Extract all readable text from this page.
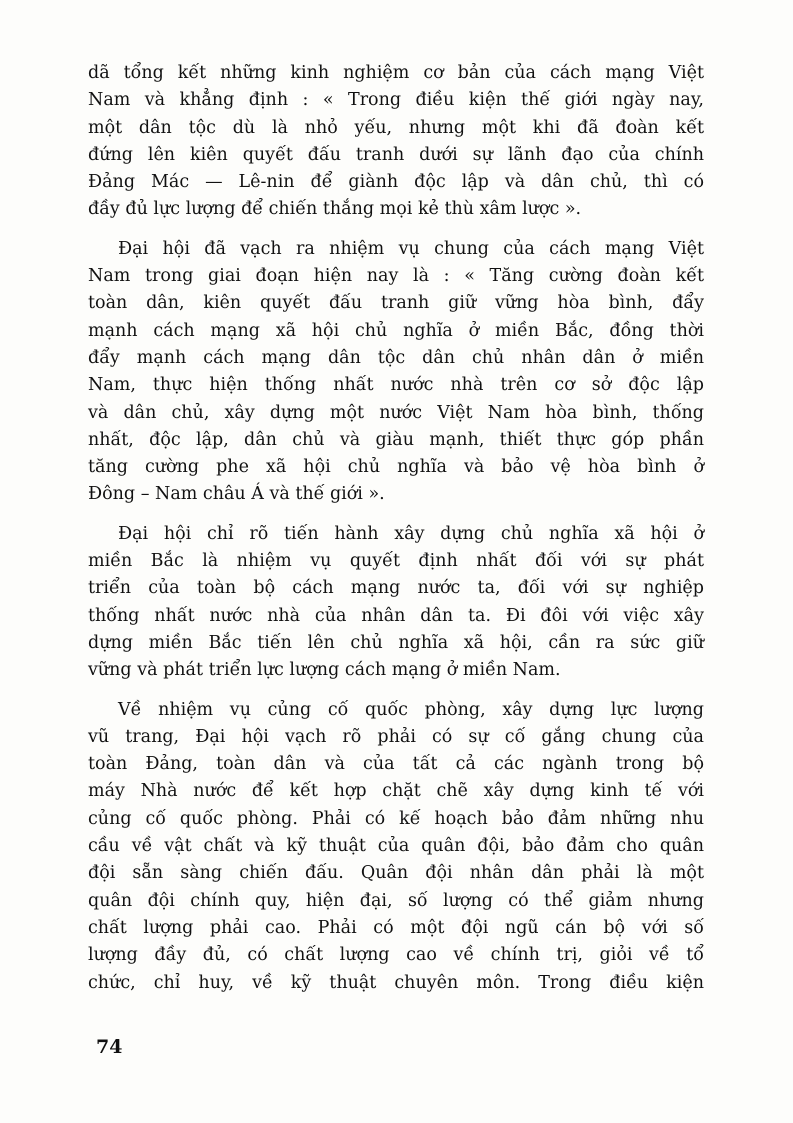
dã tổng kết những kinh nghiệm cơ bản của cách mạng Việt
Nam và khẳng định : « Trong điều kiện thế giới ngày nay,
một dân tộc dù là nhỏ yếu, nhưng một khi đã đoàn kết
đứng lên kiên quyết đấu tranh dưới sự lãnh đạo của chính
Đảng Mác — Lê-nin để giành độc lập và dân chủ, thì có
đầy đủ lực lượng để chiến thắng mọi kẻ thù xâm lược ».
Đại hội đã vạch ra nhiệm vụ chung của cách mạng Việt
Nam trong giai đoạn hiện nay là : « Tăng cường đoàn kết
toàn dân, kiên quyết đấu tranh giữ vững hòa bình, đẩy
mạnh cách mạng xã hội chủ nghĩa ở miền Bắc, đồng thời
đẩy mạnh cách mạng dân tộc dân chủ nhân dân ở miền
Nam, thực hiện thống nhất nước nhà trên cơ sở độc lập
và dân chủ, xây dựng một nước Việt Nam hòa bình, thống
nhất, độc lập, dân chủ và giàu mạnh, thiết thực góp phần
tăng cường phe xã hội chủ nghĩa và bảo vệ hòa bình ở
Đông – Nam châu Á và thế giới ».
Đại hội chỉ rõ tiến hành xây dựng chủ nghĩa xã hội ở
miền Bắc là nhiệm vụ quyết định nhất đối với sự phát
triển của toàn bộ cách mạng nước ta, đối với sự nghiệp
thống nhất nước nhà của nhân dân ta. Đi đôi với việc xây
dựng miền Bắc tiến lên chủ nghĩa xã hội, cần ra sức giữ
vững và phát triển lực lượng cách mạng ở miền Nam.
Về nhiệm vụ củng cố quốc phòng, xây dựng lực lượng
vũ trang, Đại hội vạch rõ phải có sự cố gắng chung của
toàn Đảng, toàn dân và của tất cả các ngành trong bộ
máy Nhà nước để kết hợp chặt chẽ xây dựng kinh tế với
củng cố quốc phòng. Phải có kế hoạch bảo đảm những nhu
cầu về vật chất và kỹ thuật của quân đội, bảo đảm cho quân
đội sẵn sàng chiến đấu. Quân đội nhân dân phải là một
quân đội chính quy, hiện đại, số lượng có thể giảm nhưng
chất lượng phải cao. Phải có một đội ngũ cán bộ với số
lượng đầy đủ, có chất lượng cao về chính trị, giỏi về tổ
chức, chỉ huy, về kỹ thuật chuyên môn. Trong điều kiện
74
